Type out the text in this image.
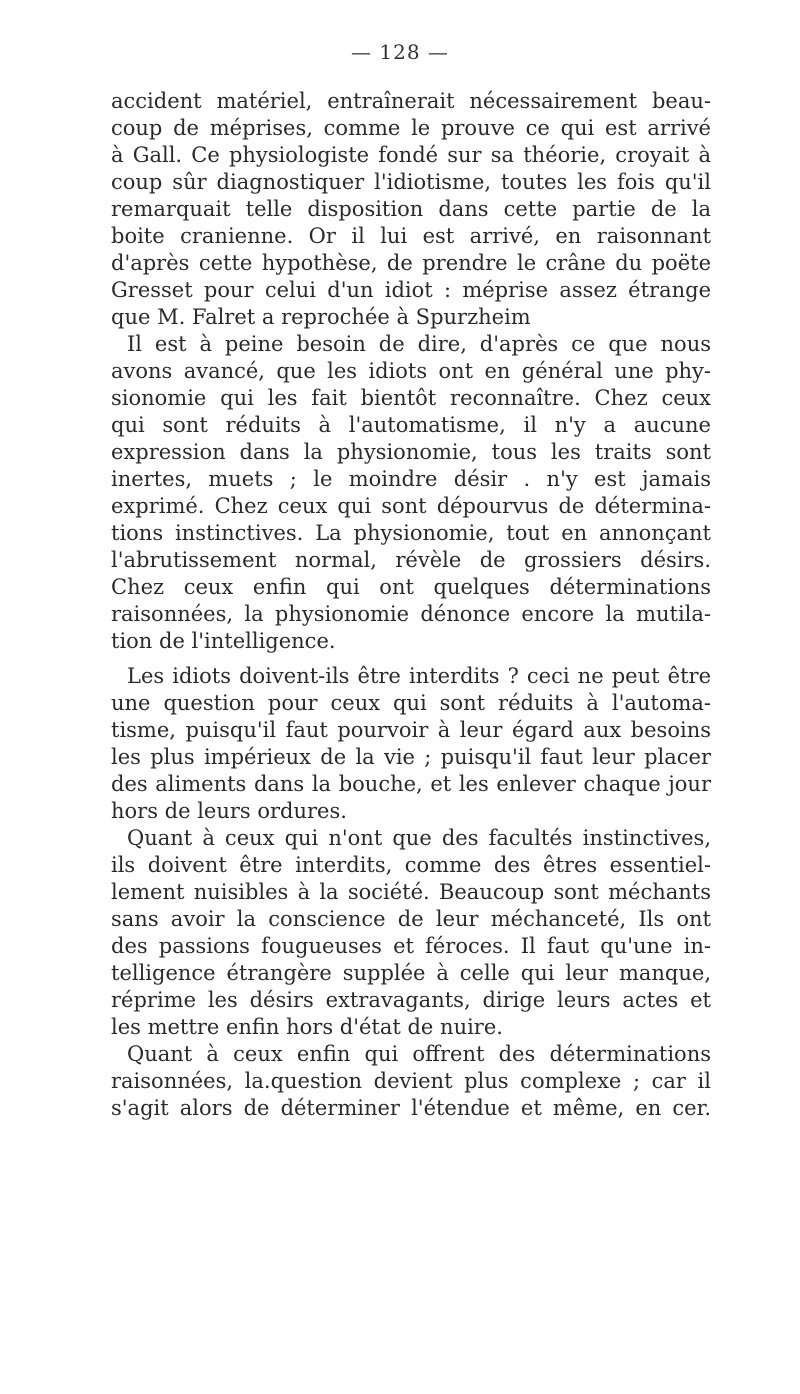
— 128 —
accident matériel, entraînerait nécessairement beau-
coup de méprises, comme le prouve ce qui est arrivé
à Gall. Ce physiologiste fondé sur sa théorie, croyait à
coup sûr diagnostiquer l'idiotisme, toutes les fois qu'il
remarquait telle disposition dans cette partie de la
boite cranienne. Or il lui est arrivé, en raisonnant
d'après cette hypothèse, de prendre le crâne du poëte
Gresset pour celui d'un idiot : méprise assez étrange
que M. Falret a reprochée à Spurzheim
Il est à peine besoin de dire, d'après ce que nous
avons avancé, que les idiots ont en général une phy-
sionomie qui les fait bientôt reconnaître. Chez ceux
qui sont réduits à l'automatisme, il n'y a aucune
expression dans la physionomie, tous les traits sont
inertes, muets ; le moindre désir . n'y est jamais
exprimé. Chez ceux qui sont dépourvus de détermina-
tions instinctives. La physionomie, tout en annonçant
l'abrutissement normal, révèle de grossiers désirs.
Chez ceux enfin qui ont quelques déterminations
raisonnées, la physionomie dénonce encore la mutila-
tion de l'intelligence.
Les idiots doivent-ils être interdits ? ceci ne peut être
une question pour ceux qui sont réduits à l'automa-
tisme, puisqu'il faut pourvoir à leur égard aux besoins
les plus impérieux de la vie ; puisqu'il faut leur placer
des aliments dans la bouche, et les enlever chaque jour
hors de leurs ordures.
Quant à ceux qui n'ont que des facultés instinctives,
ils doivent être interdits, comme des êtres essentiel-
lement nuisibles à la société. Beaucoup sont méchants
sans avoir la conscience de leur méchanceté, Ils ont
des passions fougueuses et féroces. Il faut qu'une in-
telligence étrangère supplée à celle qui leur manque,
réprime les désirs extravagants, dirige leurs actes et
les mettre enfin hors d'état de nuire.
Quant à ceux enfin qui offrent des déterminations
raisonnées, la.question devient plus complexe ; car il
s'agit alors de déterminer l'étendue et même, en cer.
